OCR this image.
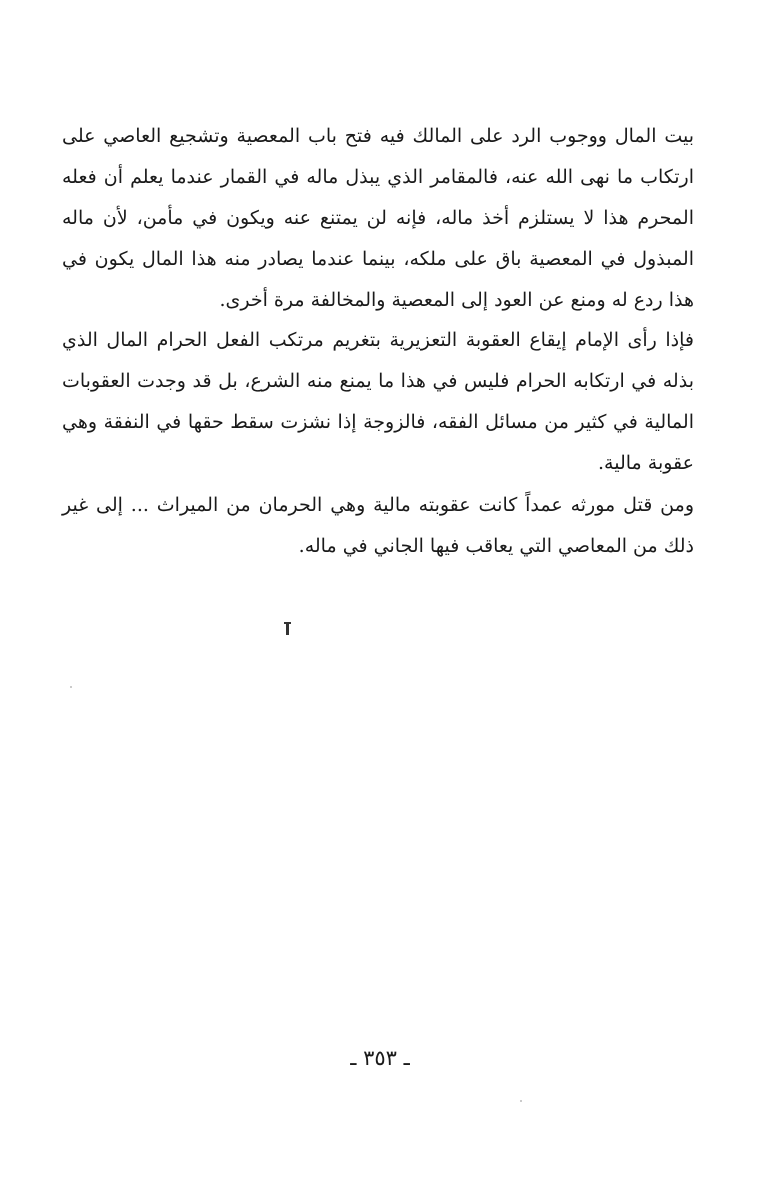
بيت المال ووجوب الرد على المالك فيه فتح باب المعصية وتشجيع العاصي على ارتكاب ما نهى الله عنه، فالمقامر الذي يبذل ماله في القمار عندما يعلم أن فعله المحرم هذا لا يستلزم أخذ ماله، فإنه لن يمتنع عنه ويكون في مأمن، لأن ماله المبذول في المعصية باق على ملكه، بينما عندما يصادر منه هذا المال يكون في هذا ردع له ومنع عن العود إلى المعصية والمخالفة مرة أخرى.

فإذا رأى الإمام إيقاع العقوبة التعزيرية بتغريم مرتكب الفعل الحرام المال الذي بذله في ارتكابه الحرام فليس في هذا ما يمنع منه الشرع، بل قد وجدت العقوبات المالية في كثير من مسائل الفقه، فالزوجة إذا نشزت سقط حقها في النفقة وهي عقوبة مالية.

ومن قتل مورثه عمداً كانت عقوبته مالية وهي الحرمان من الميراث ... إلى غير ذلك من المعاصي التي يعاقب فيها الجاني في ماله.

ـ ٣٥٣ ـ
